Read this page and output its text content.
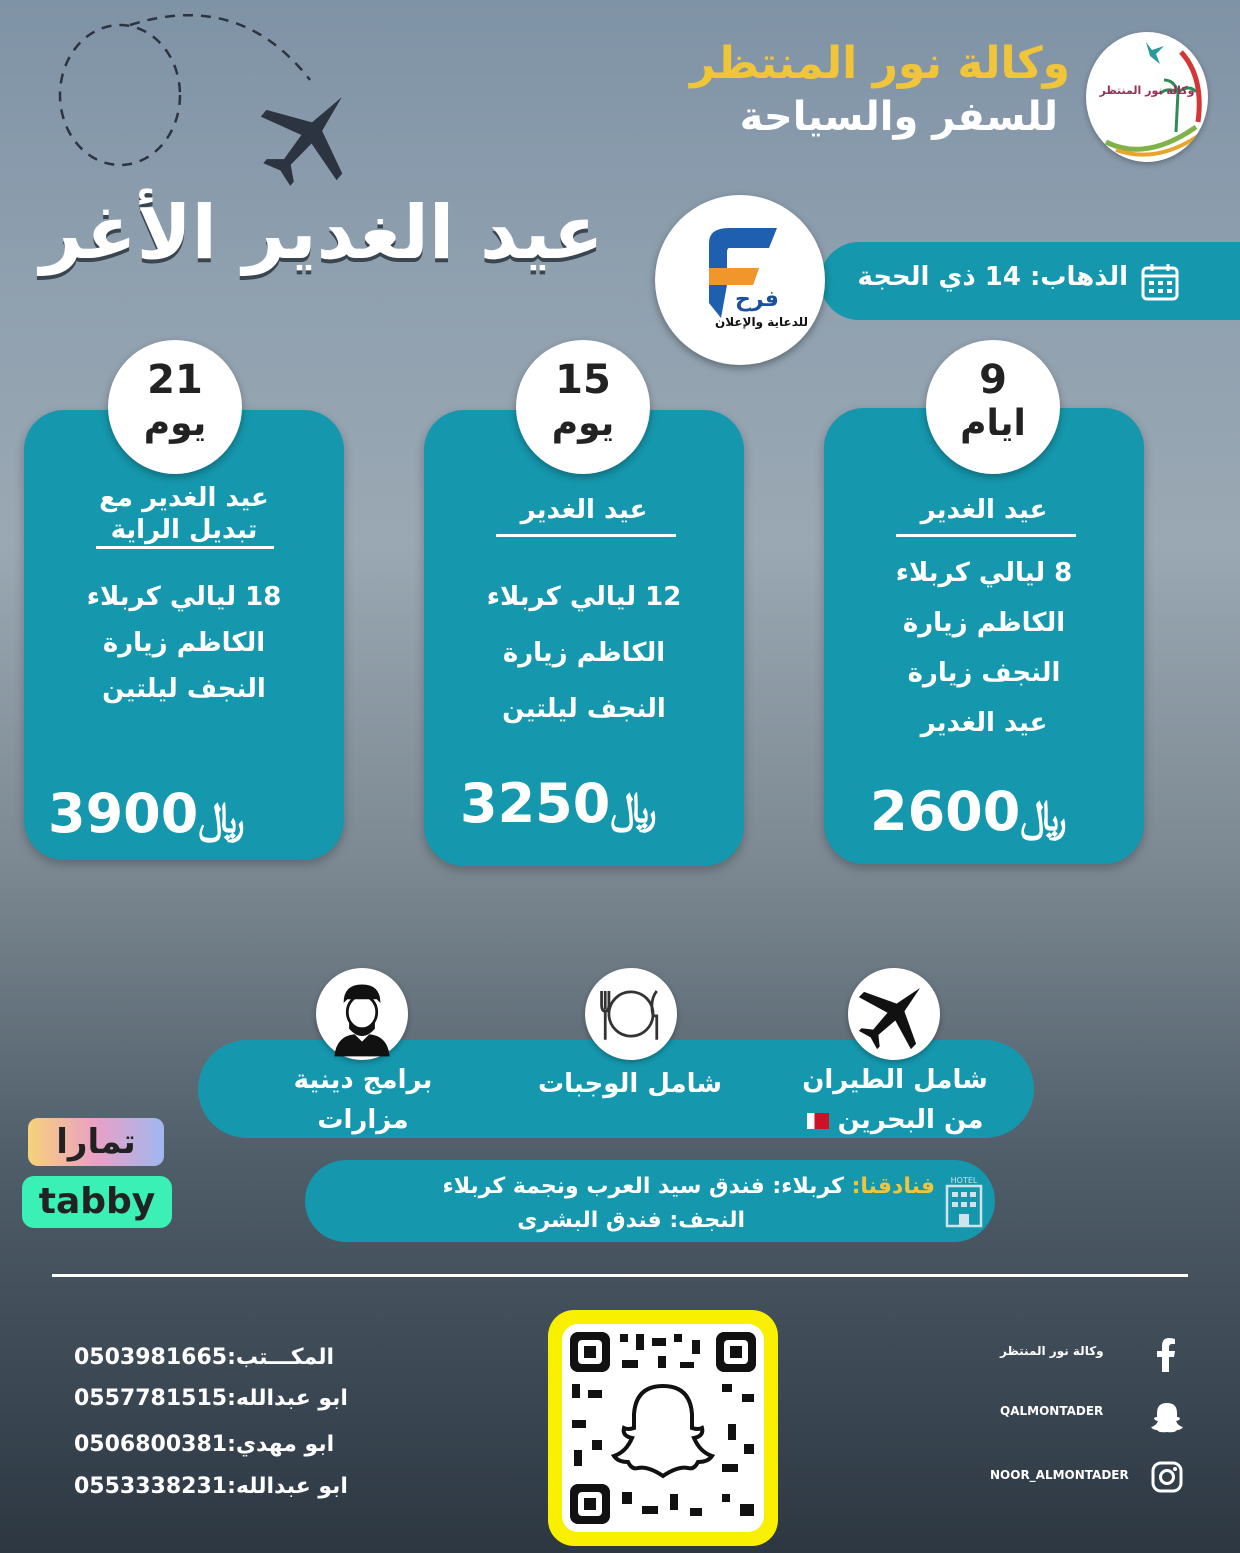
وكالة نور المنتظر
وكالة نور المنتظر
للسفر والسياحة
عيد الغدير الأغر
الذهاب: 14 ذي الحجة
فرح
للدعاية والإعلان
عيد الغدير
8 ليالي كربلاء
الكاظم زيارة
النجف زيارة
عيد الغدير
﷼2600
9
ايام
عيد الغدير
12 ليالي كربلاء
الكاظم زيارة
النجف ليلتين
﷼3250
15
يوم
عيد الغدير مع
تبديل الراية
18 ليالي كربلاء
الكاظم زيارة
النجف ليلتين
﷼3900
21
يوم
شامل الطيران
من البحرين
شامل الوجبات
برامج دينية
مزارات
HOTEL
فنادقنا: كربلاء: فندق سيد العرب ونجمة كربلاء
النجف: فندق البشرى
تمارا
tabby
المكـــتب:0503981665
ابو عبدالله:0557781515
ابو مهدي:0506800381
ابو عبدالله:0553338231
وكالة نور المنتظر
QALMONTADER
NOOR_ALMONTADER
